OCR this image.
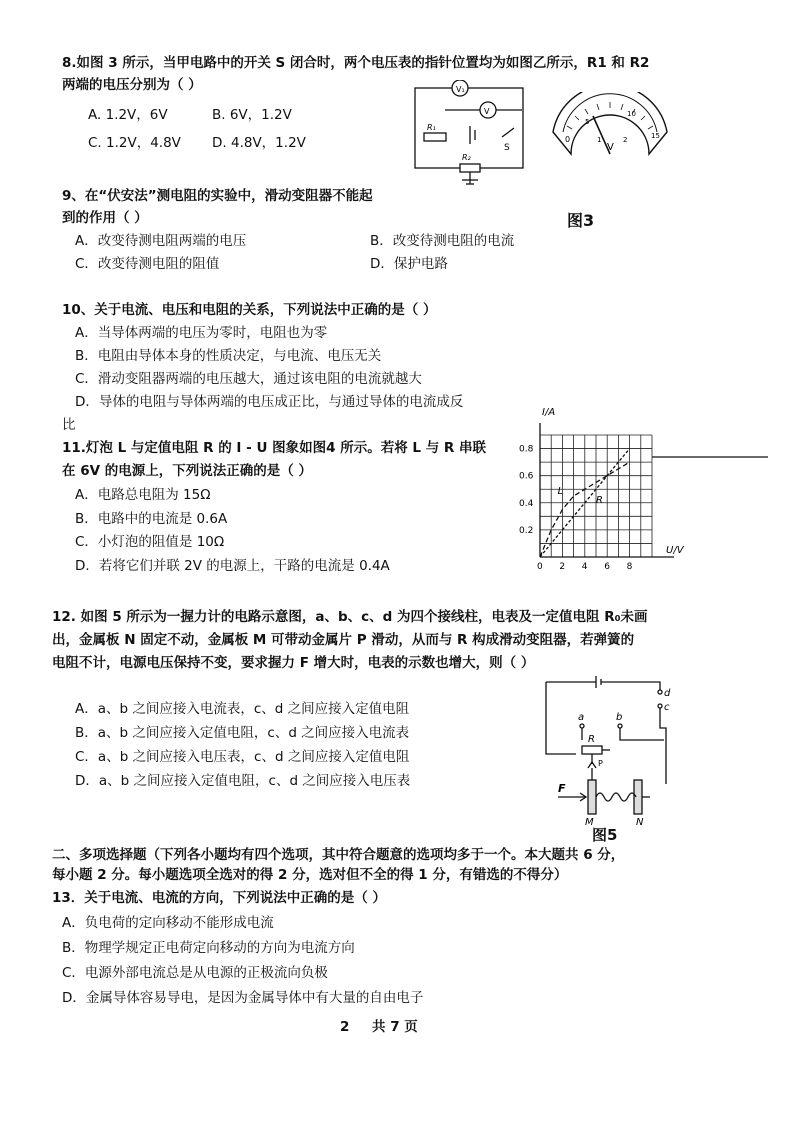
8.如图 3 所示，当甲电路中的开关 S 闭合时，两个电压表的指针位置均为如图乙所示，R1 和 R2
两端的电压分别为（ ）
A. 1.2V，6V	B. 6V，1.2V
C. 1.2V，4.8V D. 4.8V，1.2V
V₁
V
R₁
R₂
S
0
5
10
15
1	2
V
图3
9、在“伏安法”测电阻的实验中，滑动变阻器不能起
到的作用（ ）
A．改变待测电阻两端的电压	B．改变待测电阻的电流
C．改变待测电阻的阻值	D．保护电路
10、关于电流、电压和电阻的关系，下列说法中正确的是（ ）
A．当导体两端的电压为零时，电阻也为零
B．电阻由导体本身的性质决定，与电流、电压无关
C．滑动变阻器两端的电压越大，通过该电阻的电流就越大
D．导体的电阻与导体两端的电压成正比，与通过导体的电流成反
比
11.灯泡 L 与定值电阻 R 的 I - U 图象如图4 所示。若将 L 与 R 串联
在 6V 的电源上，下列说法正确的是（ ）
A．电路总电阻为 15Ω
B．电路中的电流是 0.6A
C．小灯泡的阻值是 10Ω
D．若将它们并联 2V 的电源上，干路的电流是 0.4A	0 2 4 6 8
0.2
0.4
0.6
0.8
L
R
I/A
U/V
12. 如图 5 所示为一握力计的电路示意图，a、b、c、d 为四个接线柱，电表及一定值电阻 R₀未画
出，金属板 N 固定不动，金属板 M 可带动金属片 P 滑动，从而与 R 构成滑动变阻器，若弹簧的
电阻不计，电源电压保持不变，要求握力 F 增大时，电表的示数也增大，则（ ）
A．a、b 之间应接入电流表，c、d 之间应接入定值电阻
B．a、b 之间应接入定值电阻，c、d 之间应接入电流表
C．a、b 之间应接入电压表，c、d 之间应接入定值电阻
D．a、b 之间应接入定值电阻，c、d 之间应接入电压表
d
c
a	b
R
P
F
M	N
图5
二、多项选择题（下列各小题均有四个选项，其中符合题意的选项均多于一个。本大题共 6 分，
每小题 2 分。每小题选项全选对的得 2 分，选对但不全的得 1 分，有错选的不得分）
13．关于电流、电流的方向，下列说法中正确的是（ ）
A．负电荷的定向移动不能形成电流
B．物理学规定正电荷定向移动的方向为电流方向
C．电源外部电流总是从电源的正极流向负极
D．金属导体容易导电，是因为金属导体中有大量的自由电子
2 共 7 页
